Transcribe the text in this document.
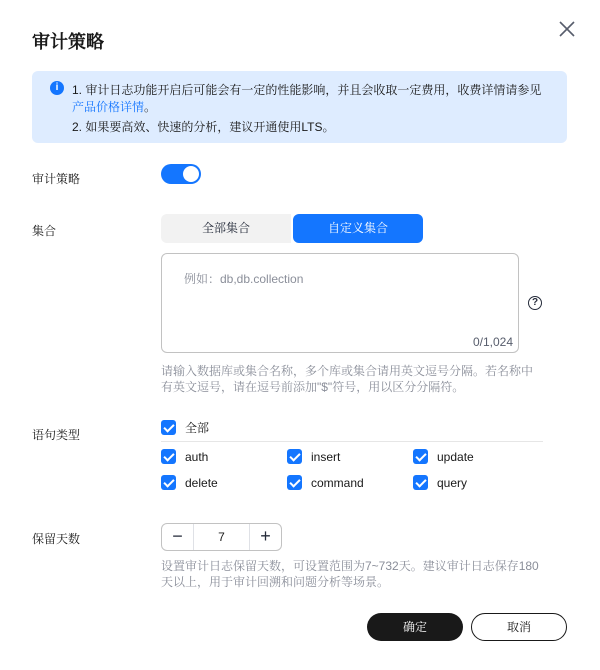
审计策略
i	1. 审计日志功能开启后可能会有一定的性能影响，并且会收取一定费用，收费详情请参见
产品价格详情。
2. 如果要高效、快速的分析，建议开通使用LTS。
审计策略
集合	全部集合	自定义集合
例如：db,db.collection
0/1,024
?
请输入数据库或集合名称，多个库或集合请用英文逗号分隔。若名称中
有英文逗号，请在逗号前添加"$"符号，用以区分分隔符。
语句类型	全部
auth	insert	update
delete	command	query
保留天数	−	7	+
设置审计日志保留天数，可设置范围为7~732天。建议审计日志保存180
天以上，用于审计回溯和问题分析等场景。
确定	取消
